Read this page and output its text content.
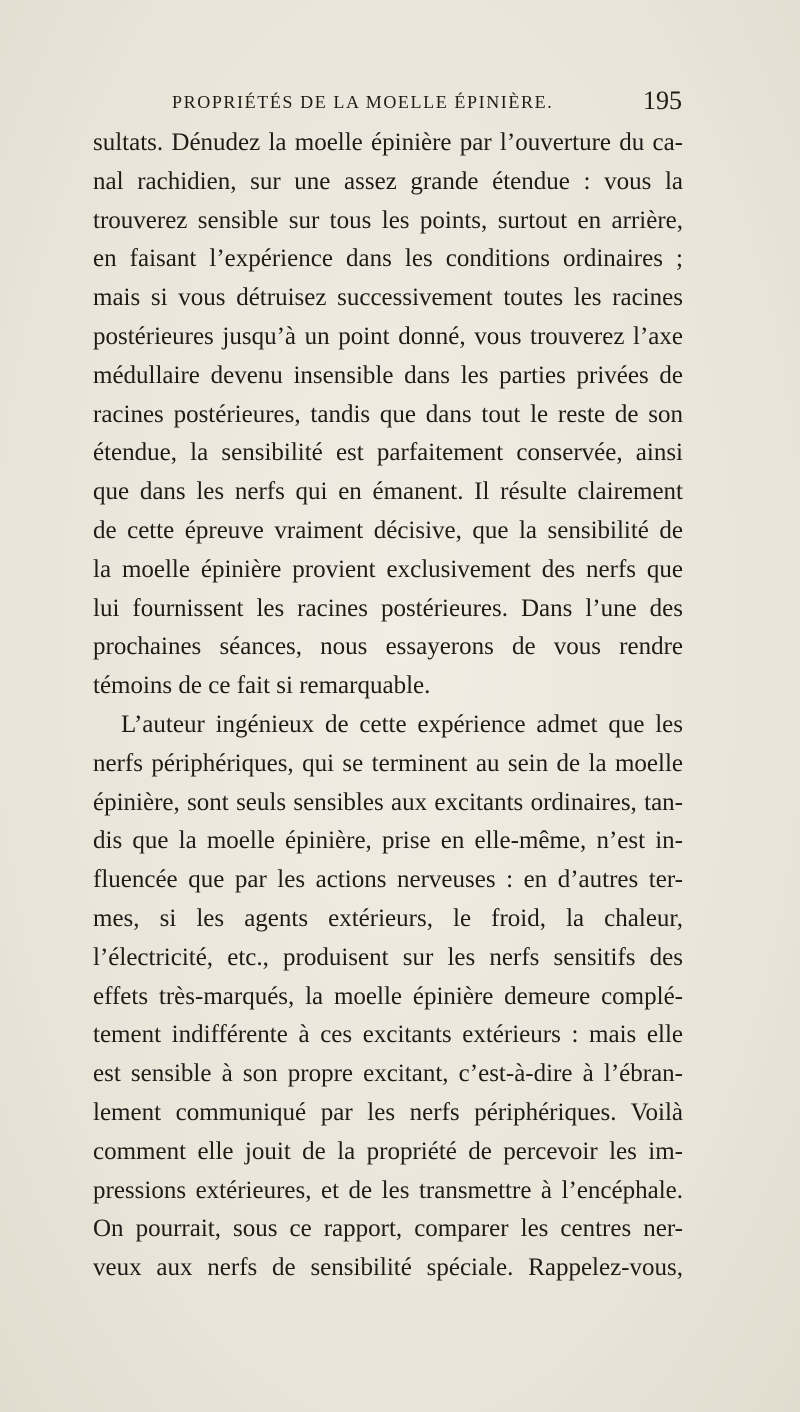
PROPRIÉTÉS DE LA MOELLE ÉPINIÈRE.	195
sultats. Dénudez la moelle épinière par l’ouverture du ca-
nal rachidien, sur une assez grande étendue : vous la
trouverez sensible sur tous les points, surtout en arrière,
en faisant l’expérience dans les conditions ordinaires ;
mais si vous détruisez successivement toutes les racines
postérieures jusqu’à un point donné, vous trouverez l’axe
médullaire devenu insensible dans les parties privées de
racines postérieures, tandis que dans tout le reste de son
étendue, la sensibilité est parfaitement conservée, ainsi
que dans les nerfs qui en émanent. Il résulte clairement
de cette épreuve vraiment décisive, que la sensibilité de
la moelle épinière provient exclusivement des nerfs que
lui fournissent les racines postérieures. Dans l’une des
prochaines séances, nous essayerons de vous rendre
témoins de ce fait si remarquable.
L’auteur ingénieux de cette expérience admet que les
nerfs périphériques, qui se terminent au sein de la moelle
épinière, sont seuls sensibles aux excitants ordinaires, tan-
dis que la moelle épinière, prise en elle-même, n’est in-
fluencée que par les actions nerveuses : en d’autres ter-
mes, si les agents extérieurs, le froid, la chaleur,
l’électricité, etc., produisent sur les nerfs sensitifs des
effets très-marqués, la moelle épinière demeure complé-
tement indifférente à ces excitants extérieurs : mais elle
est sensible à son propre excitant, c’est-à-dire à l’ébran-
lement communiqué par les nerfs périphériques. Voilà
comment elle jouit de la propriété de percevoir les im-
pressions extérieures, et de les transmettre à l’encéphale.
On pourrait, sous ce rapport, comparer les centres ner-
veux aux nerfs de sensibilité spéciale. Rappelez-vous,
